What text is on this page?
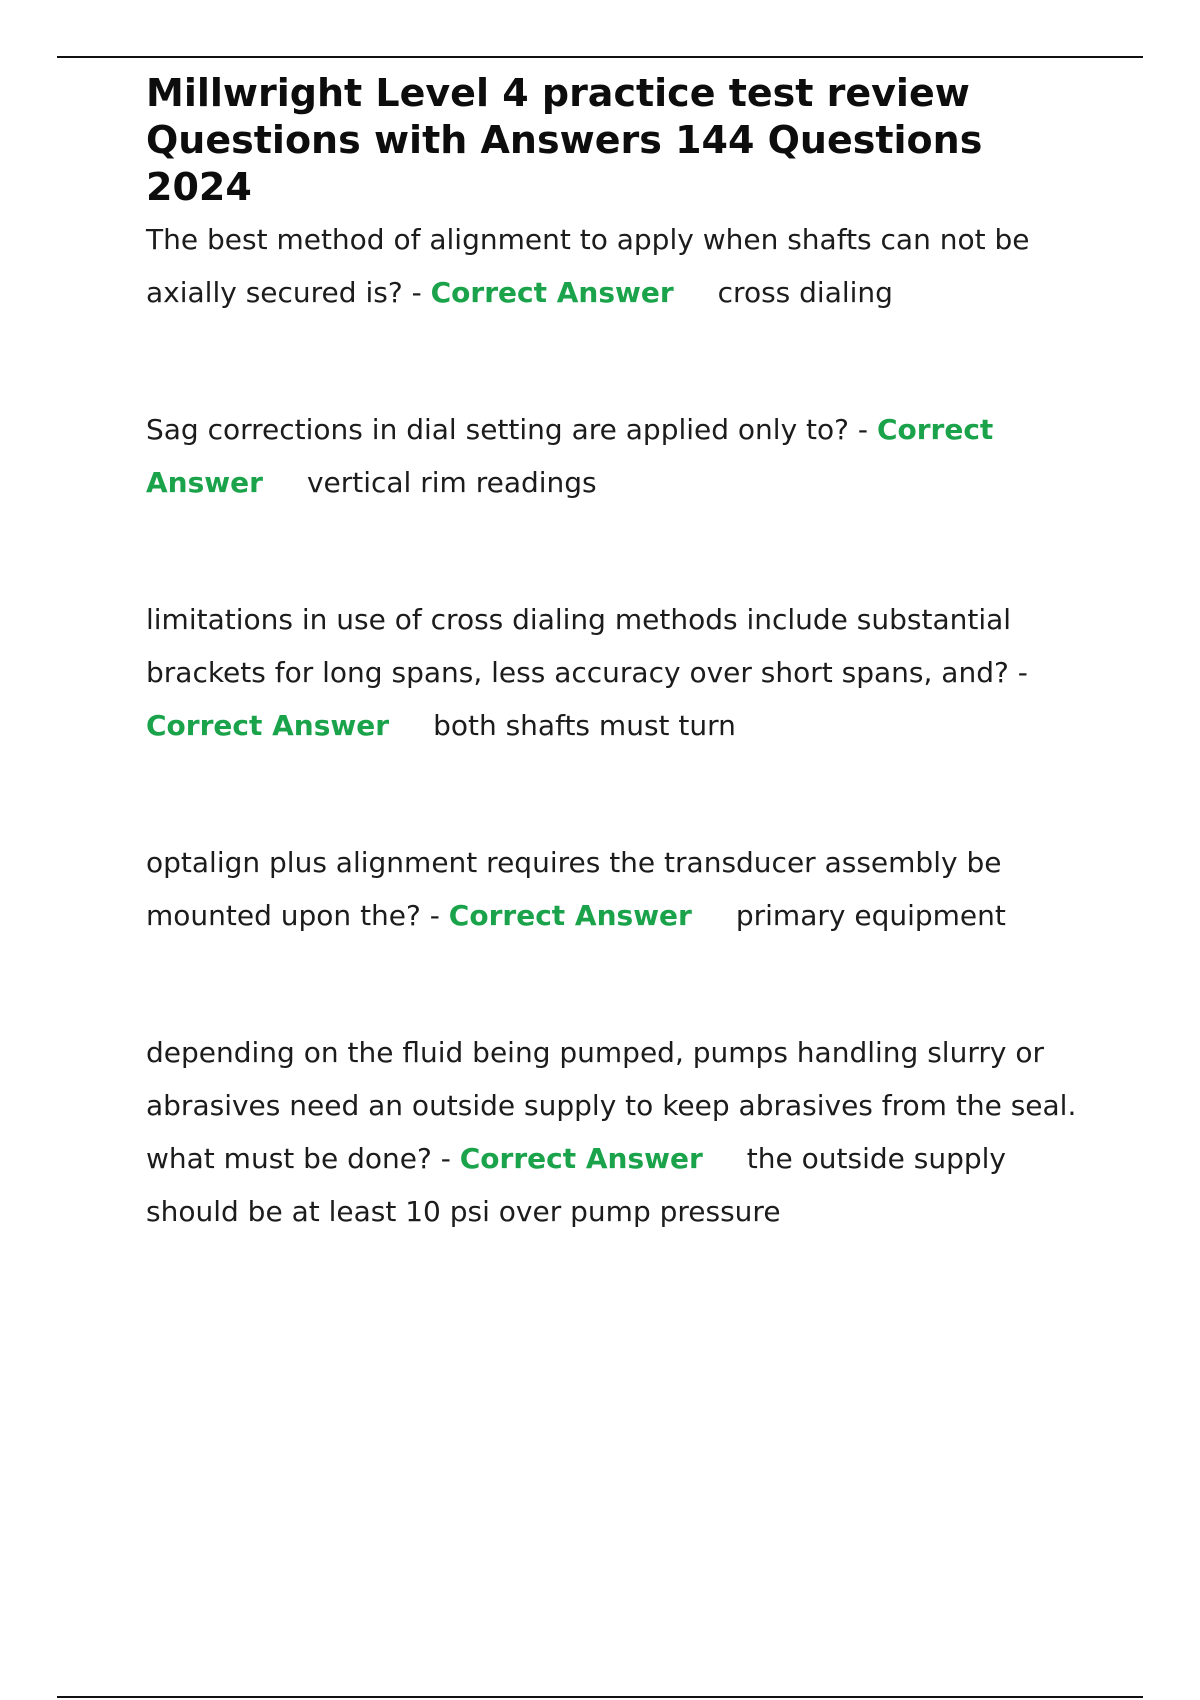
Millwright Level 4 practice test review Questions with Answers 144 Questions 2024

The best method of alignment to apply when shafts can not be axially secured is? - Correct Answer cross dialing

Sag corrections in dial setting are applied only to? - Correct Answer vertical rim readings

limitations in use of cross dialing methods include substantial brackets for long spans, less accuracy over short spans, and? - Correct Answer both shafts must turn

optalign plus alignment requires the transducer assembly be mounted upon the? - Correct Answer primary equipment

depending on the fluid being pumped, pumps handling slurry or abrasives need an outside supply to keep abrasives from the seal. what must be done? - Correct Answer the outside supply should be at least 10 psi over pump pressure
